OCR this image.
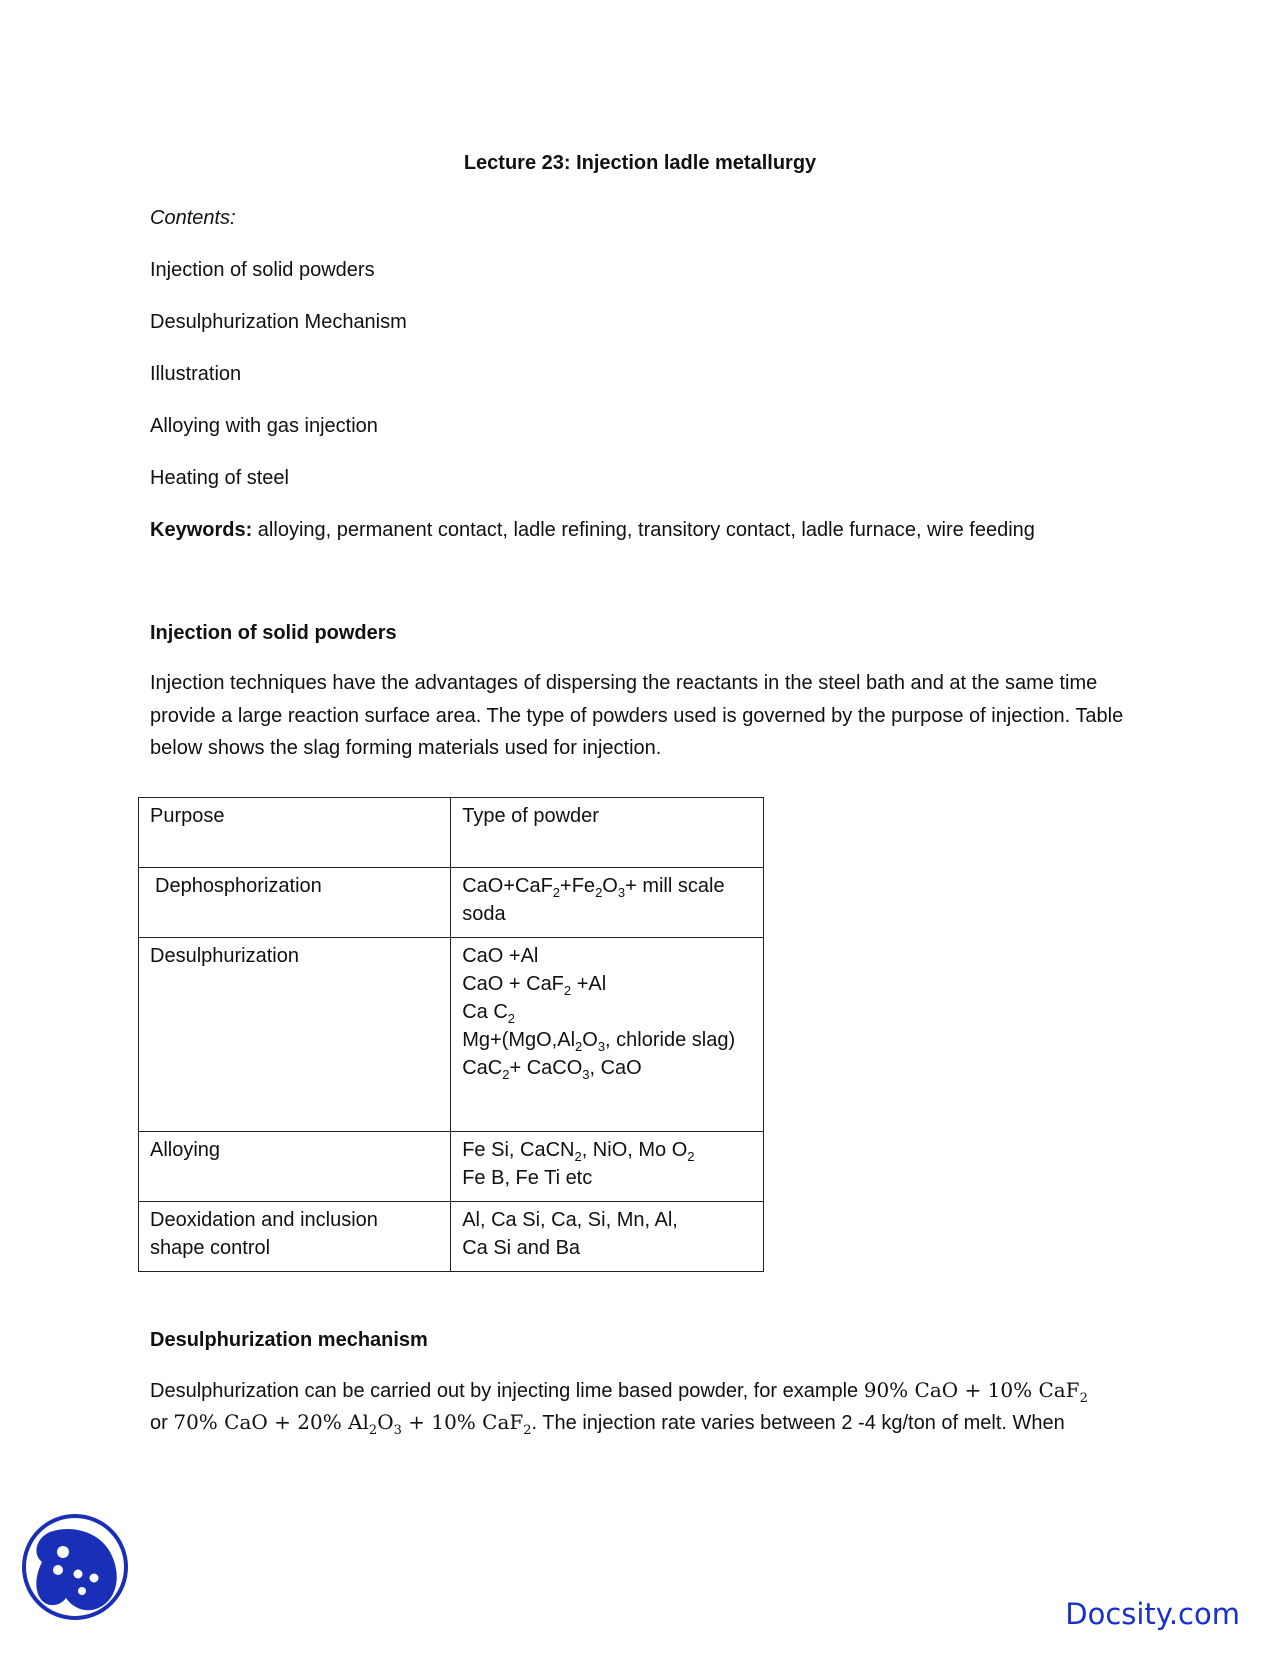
Lecture 23: Injection ladle metallurgy

Contents:

Injection of solid powders

Desulphurization Mechanism

Illustration

Alloying with gas injection

Heating of steel

Keywords: alloying, permanent contact, ladle refining, transitory contact, ladle furnace, wire feeding

Injection of solid powders

Injection techniques have the advantages of dispersing the reactants in the steel bath and at the same time provide a large reaction surface area. The type of powders used is governed by the purpose of injection. Table below shows the slag forming materials used for injection.

Purpose	Type of powder

Dephosphorization	$CaO+CaF_2+Fe_2O_3+$ mill scale
soda

Desulphurization	CaO +Al
CaO + CaF$_2$ +Al
Ca $C_2$
$Mg+(MgO,Al_2O_3$, chloride slag)
CaC$_2$+ CaCO$_3$, CaO

Alloying	Fe Si, CaCN$_2$, NiO, Mo $O_2$
Fe B, Fe Ti etc

Deoxidation and inclusion
shape control	Al, Ca Si, Ca, Si, Mn, Al,
Ca Si and Ba

Desulphurization mechanism

Desulphurization can be carried out by injecting lime based powder, for example 90% CaO + 10% CaF$_2$

or 70% CaO + 20% $Al_2O_3 + 10\%$ CaF$_2$. The injection rate varies between 2 -4 kg/ton of melt. When

Docsity.com
